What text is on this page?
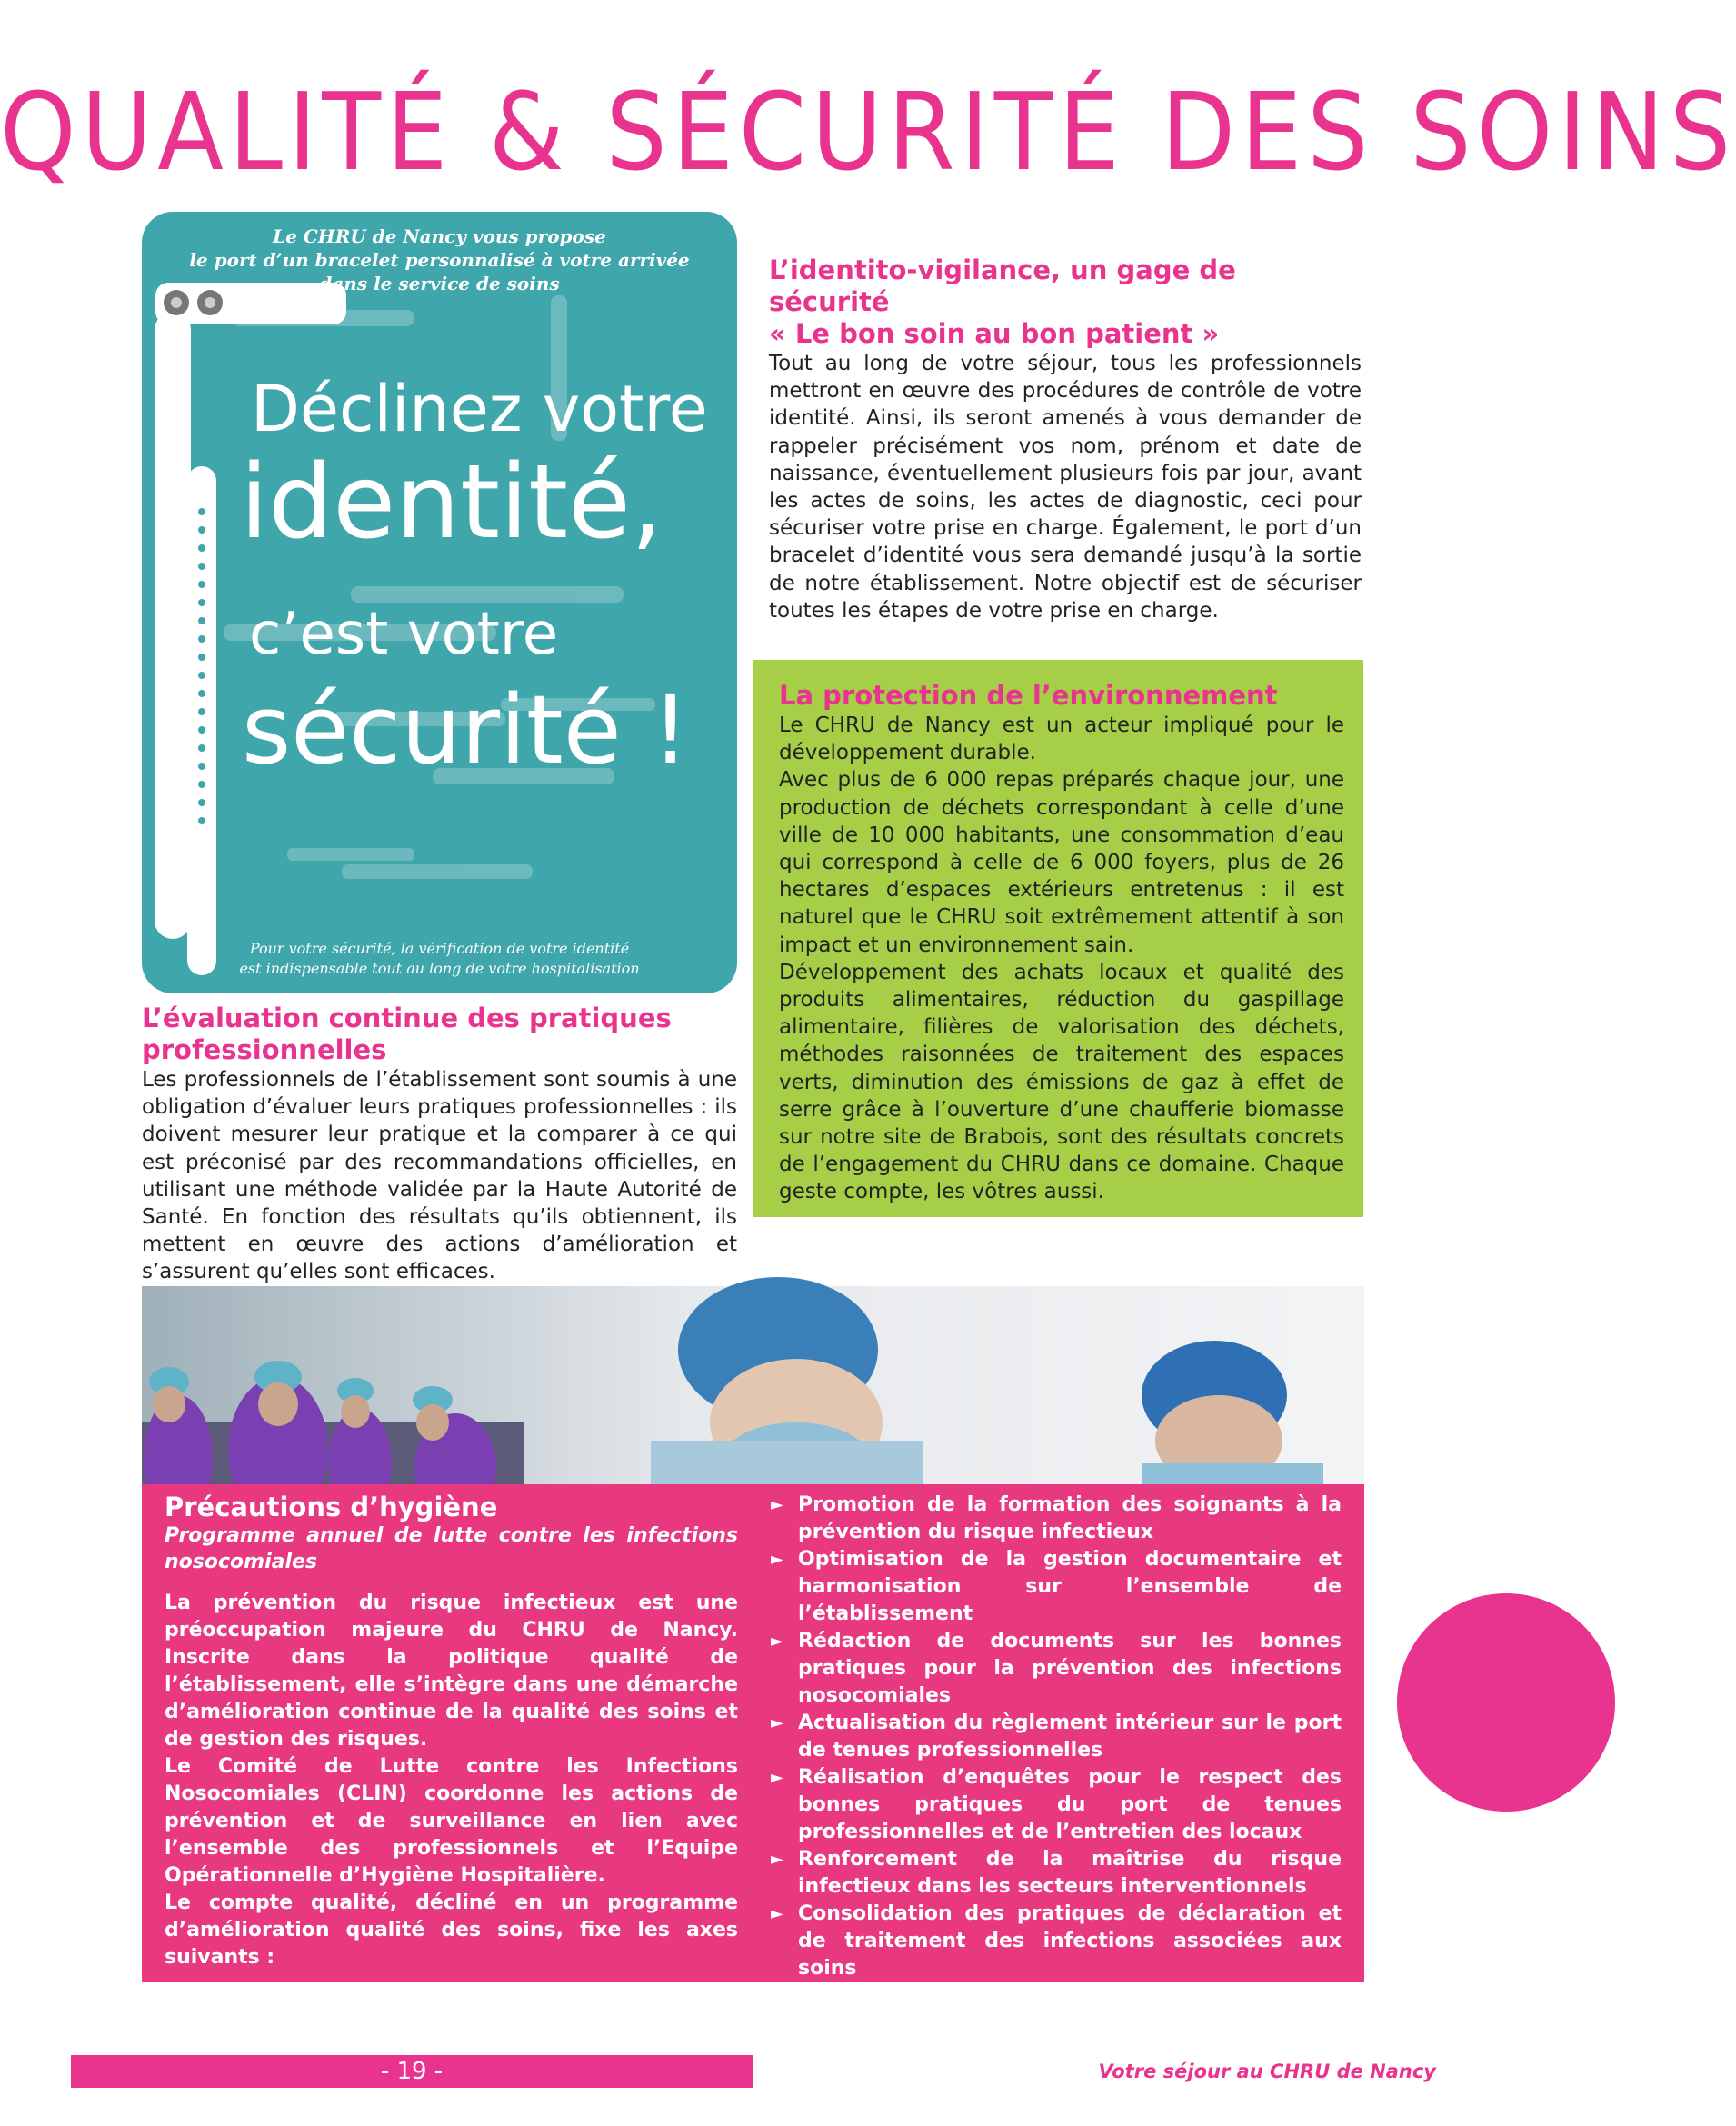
QUALITÉ & SÉCURITÉ DES SOINS
Le CHRU de Nancy vous propose
le port d’un bracelet personnalisé à votre arrivée
dans le service de soins
Déclinez votre
identité,
c’est votre
sécurité !
Pour votre sécurité, la vérification de votre identité
est indispensable tout au long de votre hospitalisation
L’identito-vigilance, un gage de sécurité
« Le bon soin au bon patient »
Tout au long de votre séjour, tous les professionnels mettront en œuvre des procédures de contrôle de votre identité. Ainsi, ils seront amenés à vous demander de rappeler précisément vos nom, prénom et date de naissance, éventuellement plusieurs fois par jour, avant les actes de soins, les actes de diagnostic, ceci pour sécuriser votre prise en charge. Également, le port d’un bracelet d’identité vous sera demandé jusqu’à la sortie de notre établissement. Notre objectif est de sécuriser toutes les étapes de votre prise en charge.
La protection de l’environnement
Le CHRU de Nancy est un acteur impliqué pour le développement durable.
Avec plus de 6 000 repas préparés chaque jour, une production de déchets correspondant à celle d’une ville de 10 000 habitants, une consommation d’eau qui correspond à celle de 6 000 foyers, plus de 26 hectares d’espaces extérieurs entretenus : il est naturel que le CHRU soit extrêmement attentif à son impact et un environnement sain.
Développement des achats locaux et qualité des produits alimentaires, réduction du gaspillage alimentaire, filières de valorisation des déchets, méthodes raisonnées de traitement des espaces verts, diminution des émissions de gaz à effet de serre grâce à l’ouverture d’une chaufferie biomasse sur notre site de Brabois, sont des résultats concrets de l’engagement du CHRU dans ce domaine. Chaque geste compte, les vôtres aussi.
L’évaluation continue des pratiques professionnelles
Les professionnels de l’établissement sont soumis à une obligation d’évaluer leurs pratiques professionnelles : ils doivent mesurer leur pratique et la comparer à ce qui est préconisé par des recommandations officielles, en utilisant une méthode validée par la Haute Autorité de Santé. En fonction des résultats qu’ils obtiennent, ils mettent en œuvre des actions d’amélioration et s’assurent qu’elles sont efficaces.
Précautions d’hygiène
Programme annuel de lutte contre les infections nosocomiales
La prévention du risque infectieux est une préoccupation majeure du CHRU de Nancy. Inscrite dans la politique qualité de l’établissement, elle s’intègre dans une démarche d’amélioration continue de la qualité des soins et de gestion des risques.
Le Comité de Lutte contre les Infections Nosocomiales (CLIN) coordonne les actions de prévention et de surveillance en lien avec l’ensemble des professionnels et l’Equipe Opérationnelle d’Hygiène Hospitalière.
Le compte qualité, décliné en un programme d’amélioration qualité des soins, fixe les axes suivants :
► Promotion de la formation des soignants à la prévention du risque infectieux
► Optimisation de la gestion documentaire et harmonisation sur l’ensemble de l’établissement
► Rédaction de documents sur les bonnes pratiques pour la prévention des infections nosocomiales
► Actualisation du règlement intérieur sur le port de tenues professionnelles
► Réalisation d’enquêtes pour le respect des bonnes pratiques du port de tenues professionnelles et de l’entretien des locaux
► Renforcement de la maîtrise du risque infectieux dans les secteurs interventionnels
► Consolidation des pratiques de déclaration et de traitement des infections associées aux soins
► Prise en compte du risque infectieux lors des achats d’équipements et lors des travaux
- 19 -	Votre séjour au CHRU de Nancy
